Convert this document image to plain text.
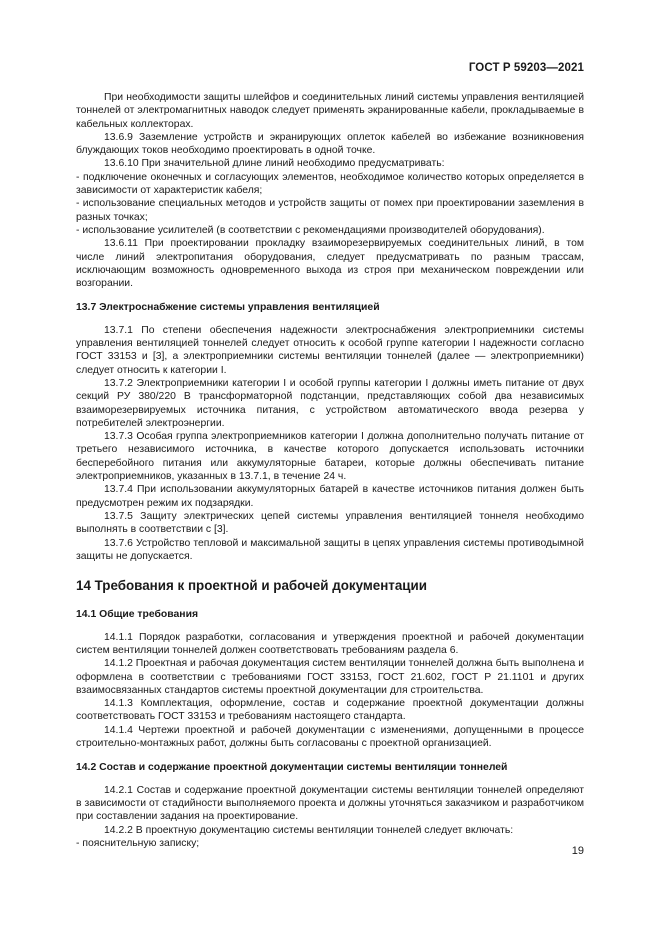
ГОСТ Р 59203—2021
При необходимости защиты шлейфов и соединительных линий системы управления вентиляцией тоннелей от электромагнитных наводок следует применять экранированные кабели, прокладываемые в кабельных коллекторах.
13.6.9 Заземление устройств и экранирующих оплеток кабелей во избежание возникновения блуждающих токов необходимо проектировать в одной точке.
13.6.10 При значительной длине линий необходимо предусматривать:
- подключение оконечных и согласующих элементов, необходимое количество которых определяется в зависимости от характеристик кабеля;
- использование специальных методов и устройств защиты от помех при проектировании заземления в разных точках;
- использование усилителей (в соответствии с рекомендациями производителей оборудования).
13.6.11 При проектировании прокладку взаиморезервируемых соединительных линий, в том числе линий электропитания оборудования, следует предусматривать по разным трассам, исключающим возможность одновременного выхода из строя при механическом повреждении или возгорании.
13.7 Электроснабжение системы управления вентиляцией
13.7.1 По степени обеспечения надежности электроснабжения электроприемники системы управления вентиляцией тоннелей следует относить к особой группе категории I надежности согласно ГОСТ 33153 и [3], а электроприемники системы вентиляции тоннелей (далее — электроприемники) следует относить к категории I.
13.7.2 Электроприемники категории I и особой группы категории I должны иметь питание от двух секций РУ 380/220 В трансформаторной подстанции, представляющих собой два независимых взаиморезервируемых источника питания, с устройством автоматического ввода резерва у потребителей электроэнергии.
13.7.3 Особая группа электроприемников категории I должна дополнительно получать питание от третьего независимого источника, в качестве которого допускается использовать источники бесперебойного питания или аккумуляторные батареи, которые должны обеспечивать питание электроприемников, указанных в 13.7.1, в течение 24 ч.
13.7.4 При использовании аккумуляторных батарей в качестве источников питания должен быть предусмотрен режим их подзарядки.
13.7.5 Защиту электрических цепей системы управления вентиляцией тоннеля необходимо выполнять в соответствии с [3].
13.7.6 Устройство тепловой и максимальной защиты в цепях управления системы противодымной защиты не допускается.
14 Требования к проектной и рабочей документации
14.1 Общие требования
14.1.1 Порядок разработки, согласования и утверждения проектной и рабочей документации систем вентиляции тоннелей должен соответствовать требованиям раздела 6.
14.1.2 Проектная и рабочая документация систем вентиляции тоннелей должна быть выполнена и оформлена в соответствии с требованиями ГОСТ 33153, ГОСТ 21.602, ГОСТ Р 21.1101 и других взаимосвязанных стандартов системы проектной документации для строительства.
14.1.3 Комплектация, оформление, состав и содержание проектной документации должны соответствовать ГОСТ 33153 и требованиям настоящего стандарта.
14.1.4 Чертежи проектной и рабочей документации с изменениями, допущенными в процессе строительно-монтажных работ, должны быть согласованы с проектной организацией.
14.2 Состав и содержание проектной документации системы вентиляции тоннелей
14.2.1 Состав и содержание проектной документации системы вентиляции тоннелей определяют в зависимости от стадийности выполняемого проекта и должны уточняться заказчиком и разработчиком при составлении задания на проектирование.
14.2.2 В проектную документацию системы вентиляции тоннелей следует включать:
- пояснительную записку;
19
